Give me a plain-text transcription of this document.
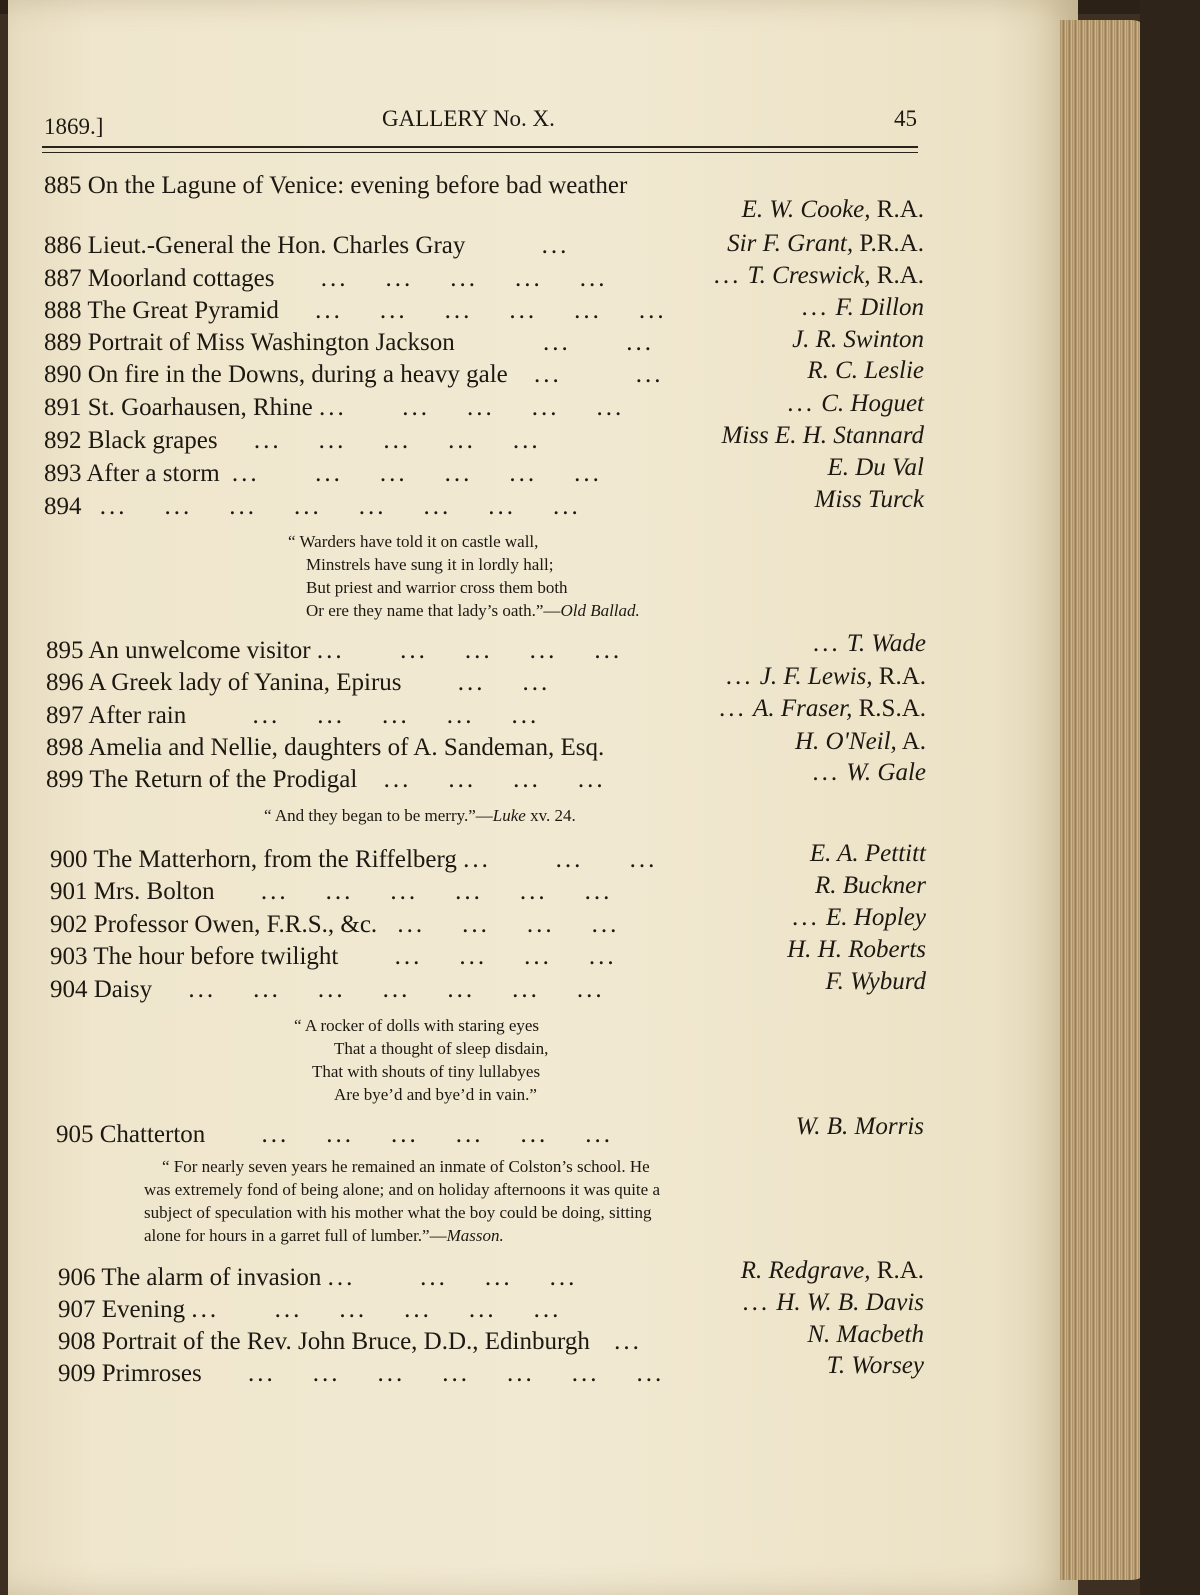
1869.]	GALLERY No. X.	45
885 On the Lagune of Venice: evening before bad weather
E. W. Cooke, R.A.
886 Lieut.-General the Hon. Charles Gray	...	Sir F. Grant, P.R.A.
887 Moorland cottages ...    ...    ...    ...    ...	... T. Creswick, R.A.
888 The Great Pyramid ...    ...    ...    ...    ...    ...	... F. Dillon
889 Portrait of Miss Washington Jackson	...      ...	J. R. Swinton
890 On fire in the Downs, during a heavy gale ...        ...	R. C. Leslie
891 St. Goarhausen, Rhine ...      ...    ...    ...    ...	... C. Hoguet
892 Black grapes ...    ...    ...    ...    ...	Miss E. H. Stannard
893 After a storm ...      ...    ...    ...    ...    ...	E. Du Val
894 ...    ...    ...    ...    ...    ...    ...    ...	Miss Turck
“ Warders have told it on castle wall,
Minstrels have sung it in lordly hall;
But priest and warrior cross them both
Or ere they name that lady’s oath.”—Old Ballad.
895 An unwelcome visitor ...      ...    ...    ...    ...	... T. Wade
896 A Greek lady of Yanina, Epirus ...    ...	... J. F. Lewis, R.A.
897 After rain	...    ...    ...    ...    ...	... A. Fraser, R.S.A.
898 Amelia and Nellie, daughters of A. Sandeman, Esq.	H. O'Neil, A.
899 The Return of the Prodigal ...    ...    ...    ...	... W. Gale
“ And they began to be merry.”—Luke xv. 24.
900 The Matterhorn, from the Riffelberg ...       ...     ...	E. A. Pettitt
901 Mrs. Bolton ...    ...    ...    ...    ...    ...	R. Buckner
902 Professor Owen, F.R.S., &c. ...    ...    ...    ...	... E. Hopley
903 The hour before twilight ...    ...    ...    ...	H. H. Roberts
904 Daisy ...    ...    ...    ...    ...    ...    ...	F. Wyburd
“ A rocker of dolls with staring eyes
That a thought of sleep disdain,
That with shouts of tiny lullabyes
Are bye’d and bye’d in vain.”
905 Chatterton ...    ...    ...    ...    ...    ...	W. B. Morris
“ For nearly seven years he remained an inmate of Colston’s school. He
was extremely fond of being alone; and on holiday afternoons it was quite a
subject of speculation with his mother what the boy could be doing, sitting
alone for hours in a garret full of lumber.”—Masson.
906 The alarm of invasion ...       ...    ...    ...	R. Redgrave, R.A.
907 Evening ...      ...    ...    ...    ...    ...	... H. W. B. Davis
908 Portrait of the Rev. John Bruce, D.D., Edinburgh ...	N. Macbeth
909 Primroses ...    ...    ...    ...    ...    ...    ...	T. Worsey
